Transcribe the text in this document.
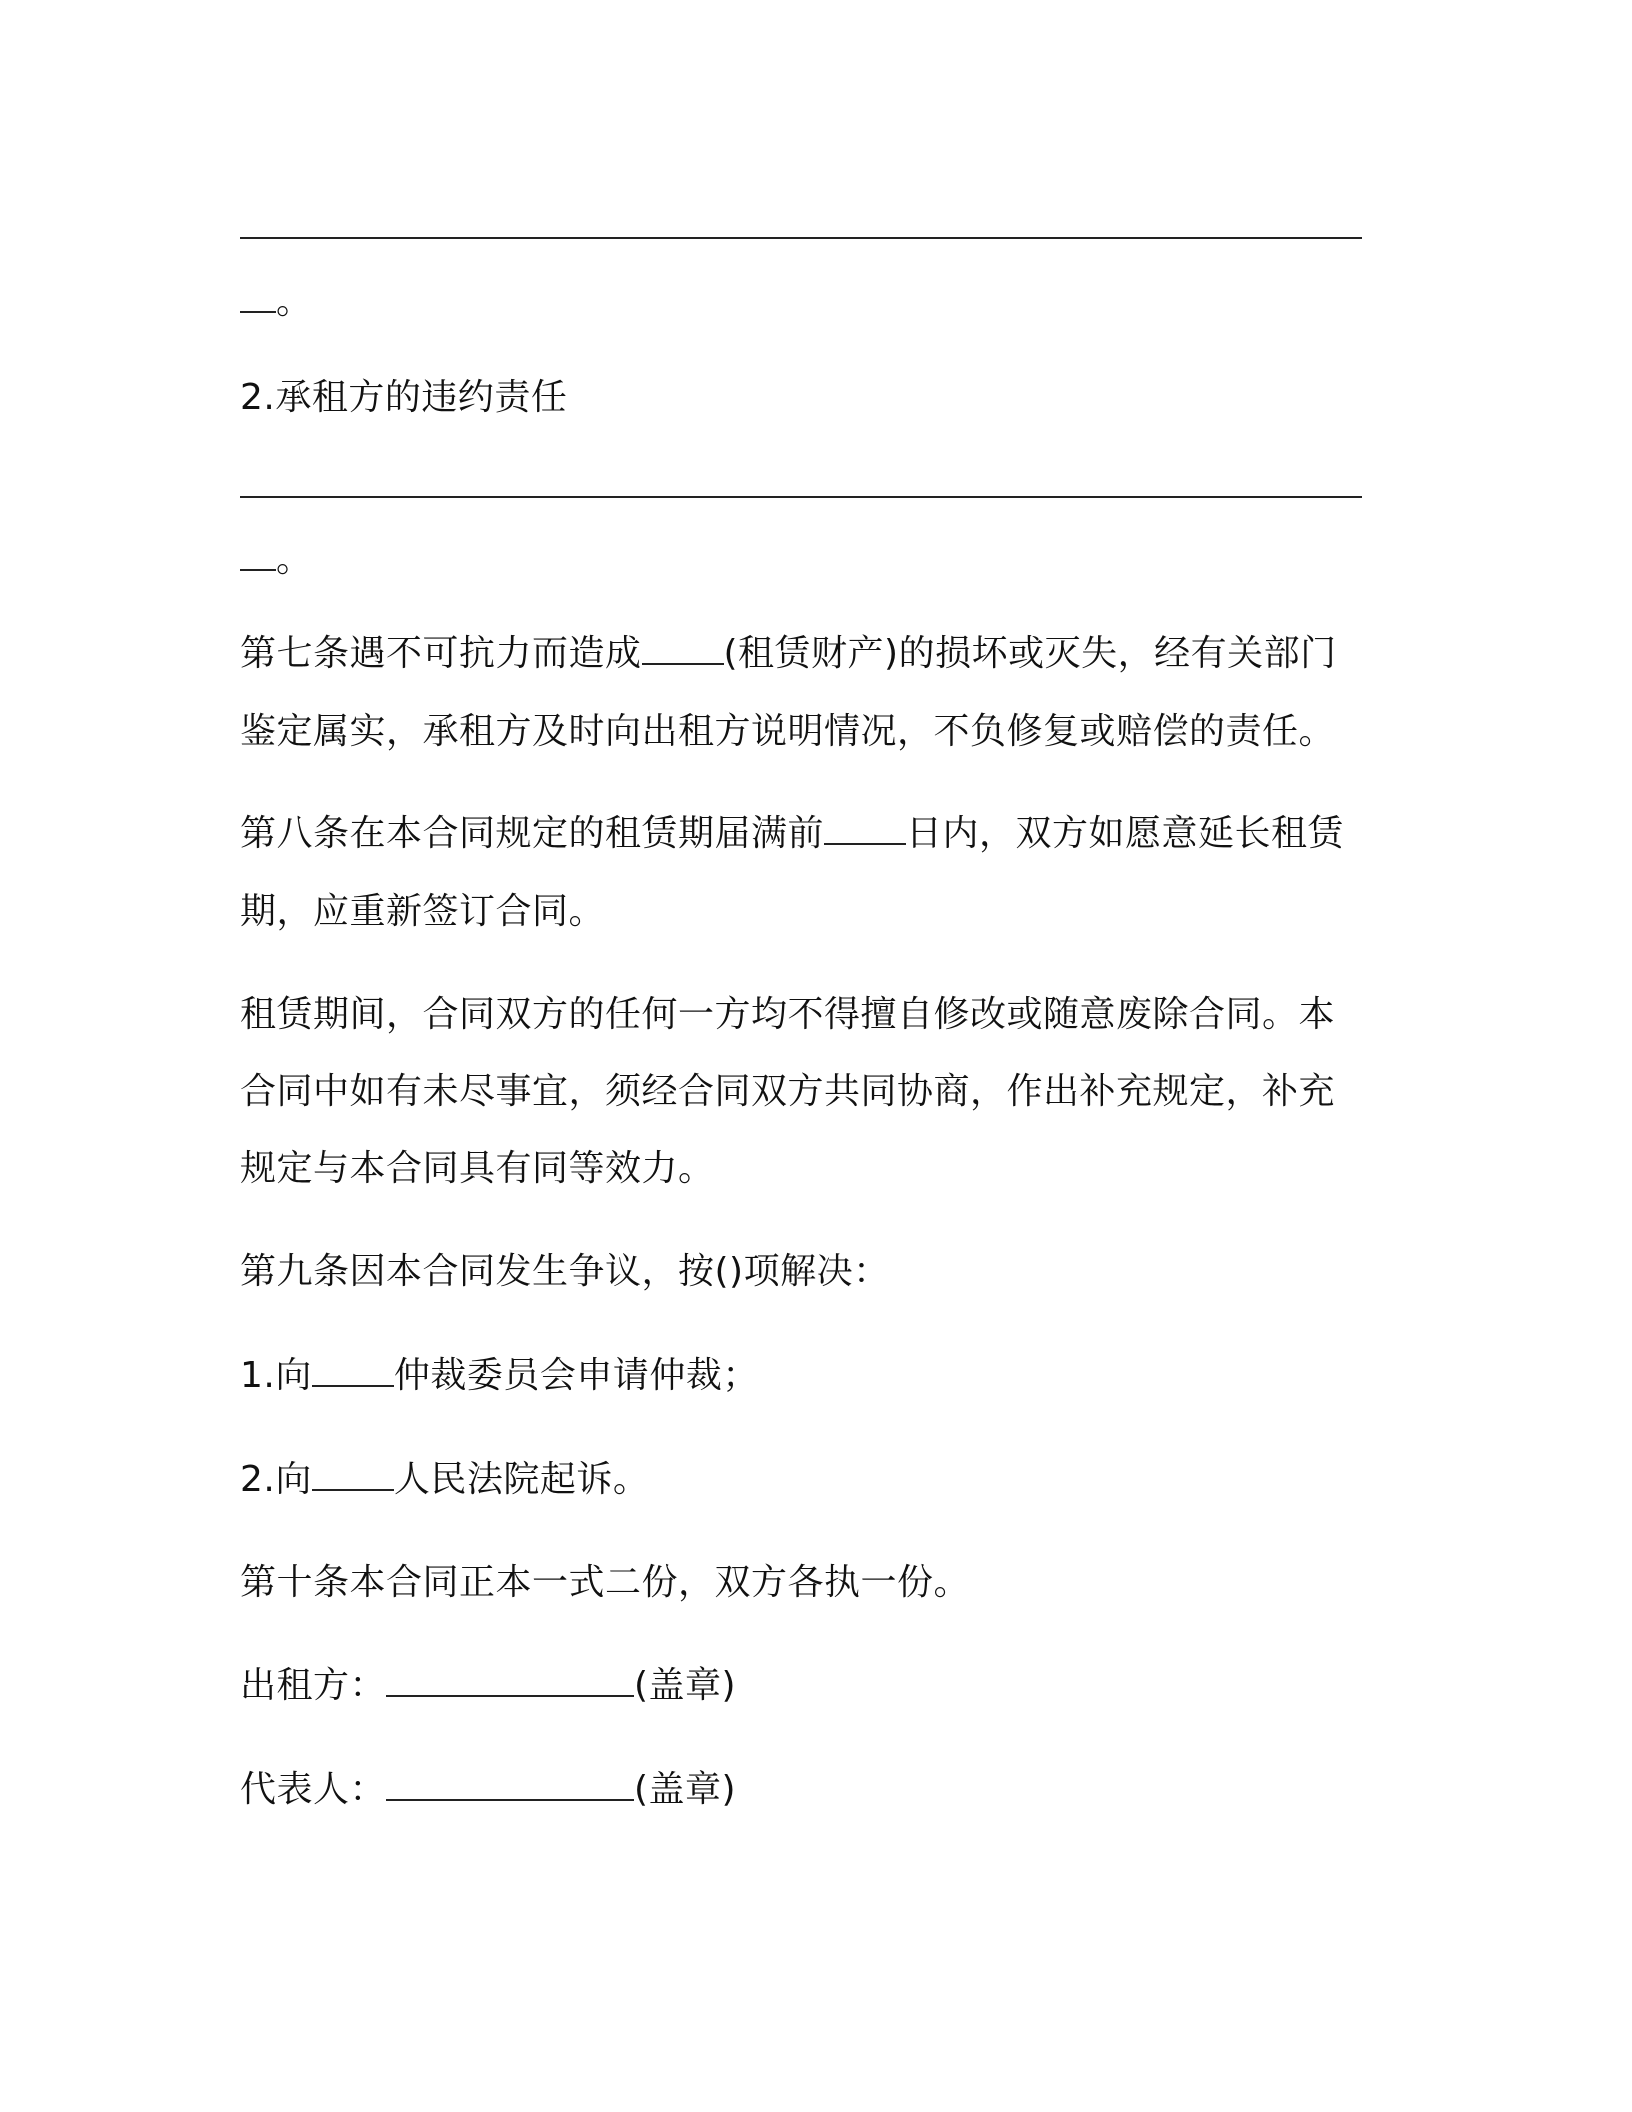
。
2.承租方的违约责任
。
第七条遇不可抗力而造成 (租赁财产)的损坏或灭失，经有关部门
鉴定属实，承租方及时向出租方说明情况，不负修复或赔偿的责任。
第八条在本合同规定的租赁期届满前 日内，双方如愿意延长租赁
期，应重新签订合同。
租赁期间，合同双方的任何一方均不得擅自修改或随意废除合同。本
合同中如有未尽事宜，须经合同双方共同协商，作出补充规定，补充
规定与本合同具有同等效力。
第九条因本合同发生争议，按()项解决：
1.向 仲裁委员会申请仲裁；
2.向 人民法院起诉。
第十条本合同正本一式二份，双方各执一份。
出租方：	(盖章)
代表人：	(盖章)
